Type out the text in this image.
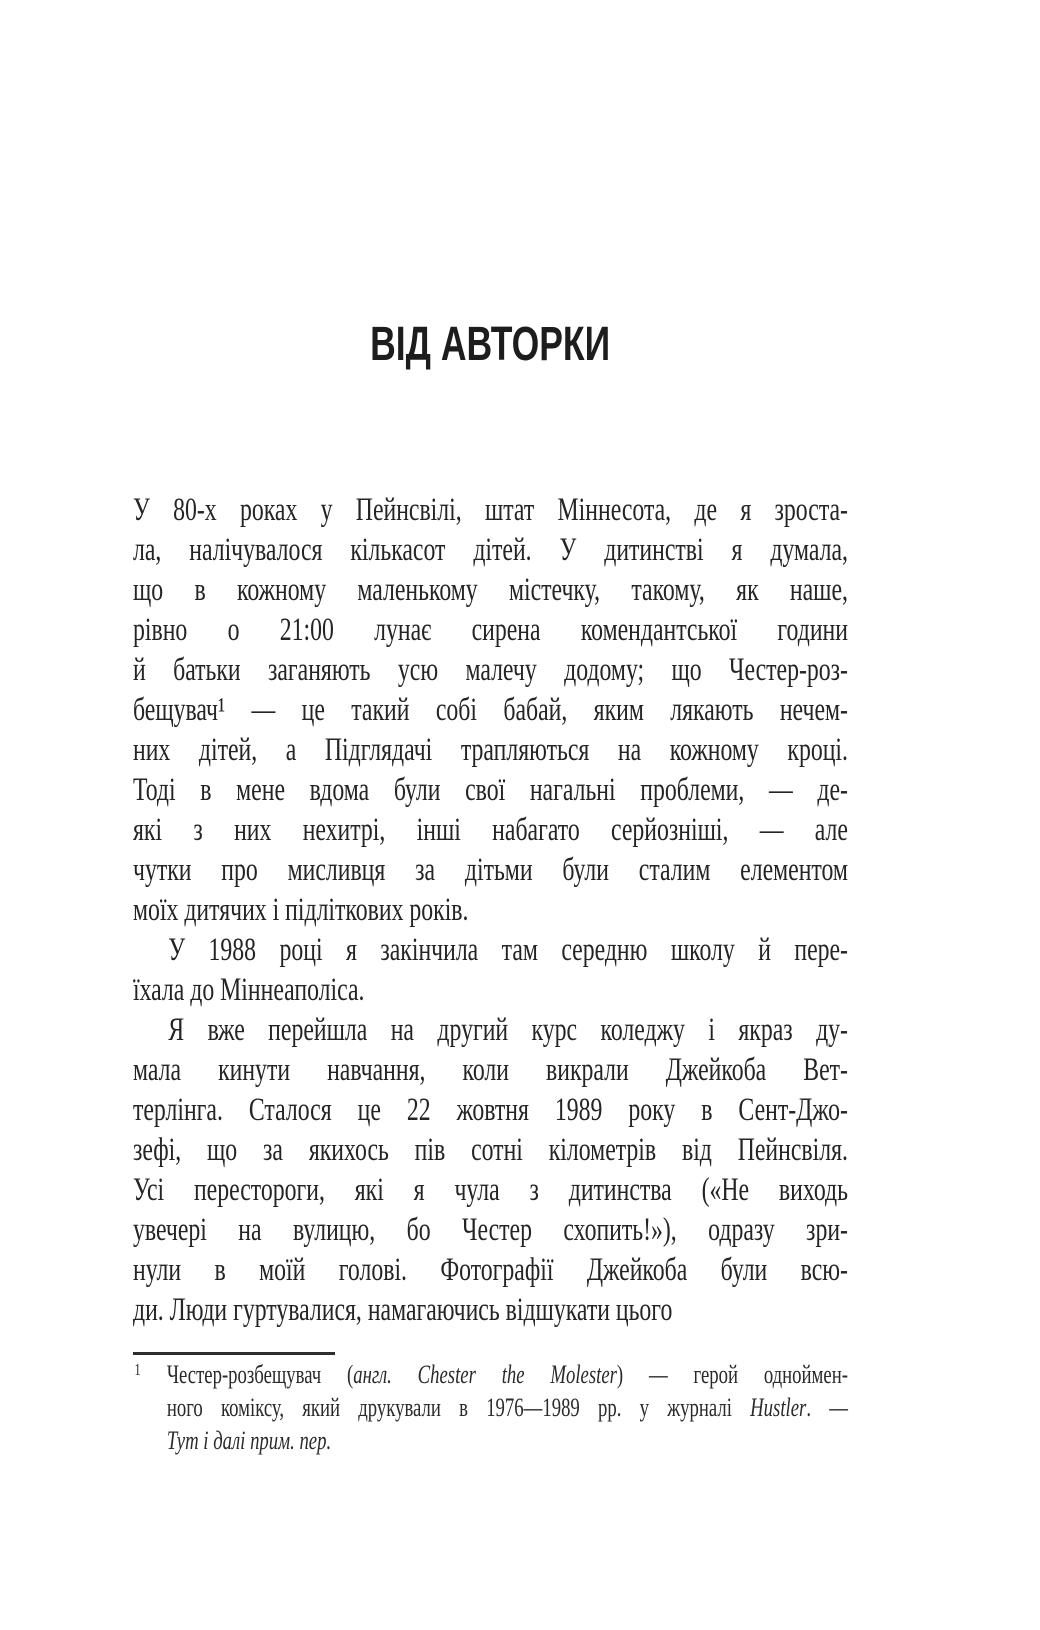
ВІД АВТОРКИ
У 80-х роках у Пейнсвілі, штат Міннесота, де я зроста-
ла, налічувалося кількасот дітей. У дитинстві я думала,
що в кожному маленькому містечку, такому, як наше,
рівно о 21:00 лунає сирена комендантської години
й батьки заганяють усю малечу додому; що Честер-роз-
бещувач¹ — це такий собі бабай, яким лякають нечем-
них дітей, а Підглядачі трапляються на кожному кроці.
Тоді в мене вдома були свої нагальні проблеми, — де-
які з них нехитрі, інші набагато серйозніші, — але
чутки про мисливця за дітьми були сталим елементом
моїх дитячих і підліткових років.
У 1988 році я закінчила там середню школу й пере-
їхала до Міннеаполіса.
Я вже перейшла на другий курс коледжу і якраз ду-
мала кинути навчання, коли викрали Джейкоба Вет-
терлінга. Сталося це 22 жовтня 1989 року в Сент-Джо-
зефі, що за якихось пів сотні кілометрів від Пейнсвіля.
Усі перестороги, які я чула з дитинства («Не виходь
увечері на вулицю, бо Честер схопить!»), одразу зри-
нули в моїй голові. Фотографії Джейкоба були всю-
ди. Люди гуртувалися, намагаючись відшукати цього
1	Честер-розбещувач (англ. Chester the Molester) — герой одноймен-
ного коміксу, який друкували в 1976—1989 рр. у журналі Hustler. —
Тут і далі прим. пер.
